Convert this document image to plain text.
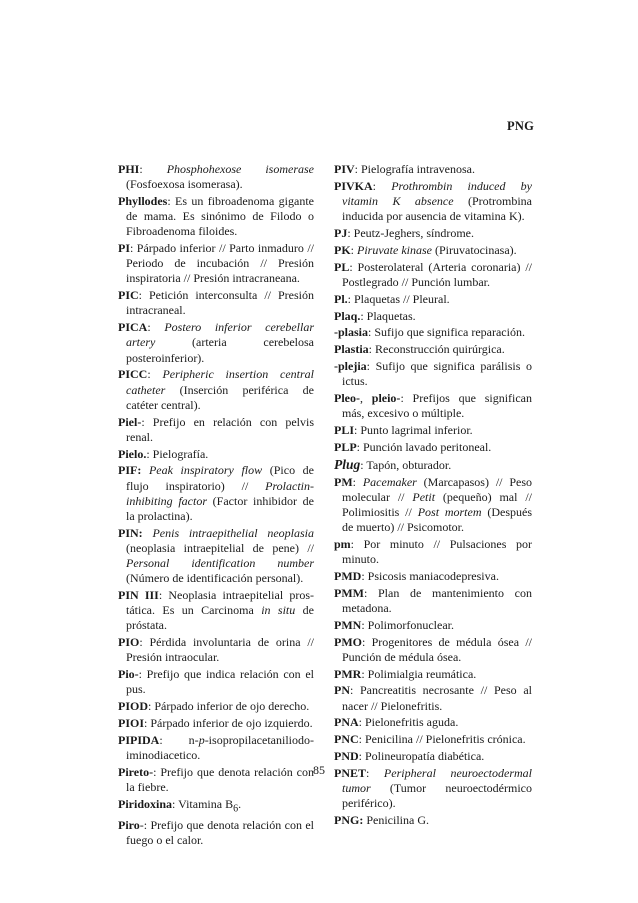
PNG

PHI: Phosphohexose isomerase (Fosfoexosa isomerasa).

Phyllodes: Es un fibroadenoma gigante de mama. Es sinónimo de Filodo o Fibroadenoma filoides.

PI: Párpado inferior // Parto inmaduro // Periodo de incubación // Presión inspiratoria // Presión intracraneana.

PIC: Petición interconsulta // Presión intracraneal.

PICA: Postero inferior cerebellar artery (arteria cerebelosa posteroinferior).

PICC: Peripheric insertion central catheter (Inserción periférica de catéter central).

Piel-: Prefijo en relación con pelvis renal.

Pielo.: Pielografía.

PIF: Peak inspiratory flow (Pico de flujo inspiratorio) // Prolactin-inhibiting factor (Factor inhibidor de la prolactina).

PIN: Penis intraepithelial neoplasia (neoplasia intraepitelial de pene) // Personal identification number (Número de identificación personal).

PIN III: Neoplasia intraepitelial prostática. Es un Carcinoma in situ de próstata.

PIO: Pérdida involuntaria de orina // Presión intraocular.

Pio-: Prefijo que indica relación con el pus.

PIOD: Párpado inferior de ojo derecho.

PIOI: Párpado inferior de ojo izquierdo.

PIPIDA: n-p-isopropilacetaniliodoiminodiacetico.

Pireto-: Prefijo que denota relación con la fiebre.

Piridoxina: Vitamina $B_6$.

Piro-: Prefijo que denota relación con el fuego o el calor.

PIV: Pielografía intravenosa.

PIVKA: Prothrombin induced by vitamin K absence (Protrombina inducida por ausencia de vitamina K).

PJ: Peutz-Jeghers, síndrome.

PK: Piruvate kinase (Piruvatocinasa).

PL: Posterolateral (Arteria coronaria) // Postlegrado // Punción lumbar.

Pl.: Plaquetas // Pleural.

Plaq.: Plaquetas.

-plasia: Sufijo que significa reparación.

Plastia: Reconstrucción quirúrgica.

-plejia: Sufijo que significa parálisis o ictus.

Pleo-, pleio-: Prefijos que significan más, excesivo o múltiple.

PLI: Punto lagrimal inferior.

PLP: Punción lavado peritoneal.

Plug: Tapón, obturador.

PM: Pacemaker (Marcapasos) // Peso molecular // Petit (pequeño) mal // Polimiositis // Post mortem (Después de muerto) // Psicomotor.

pm: Por minuto // Pulsaciones por minuto.

PMD: Psicosis maniacodepresiva.

PMM: Plan de mantenimiento con metadona.

PMN: Polimorfonuclear.

PMO: Progenitores de médula ósea // Punción de médula ósea.

PMR: Polimialgia reumática.

PN: Pancreatitis necrosante // Peso al nacer // Pielonefritis.

PNA: Pielonefritis aguda.

PNC: Penicilina // Pielonefritis crónica.

PND: Polineuropatía diabética.

PNET: Peripheral neuroectodermal tumor (Tumor neuroectodérmico periférico).

PNG: Penicilina G.

85
